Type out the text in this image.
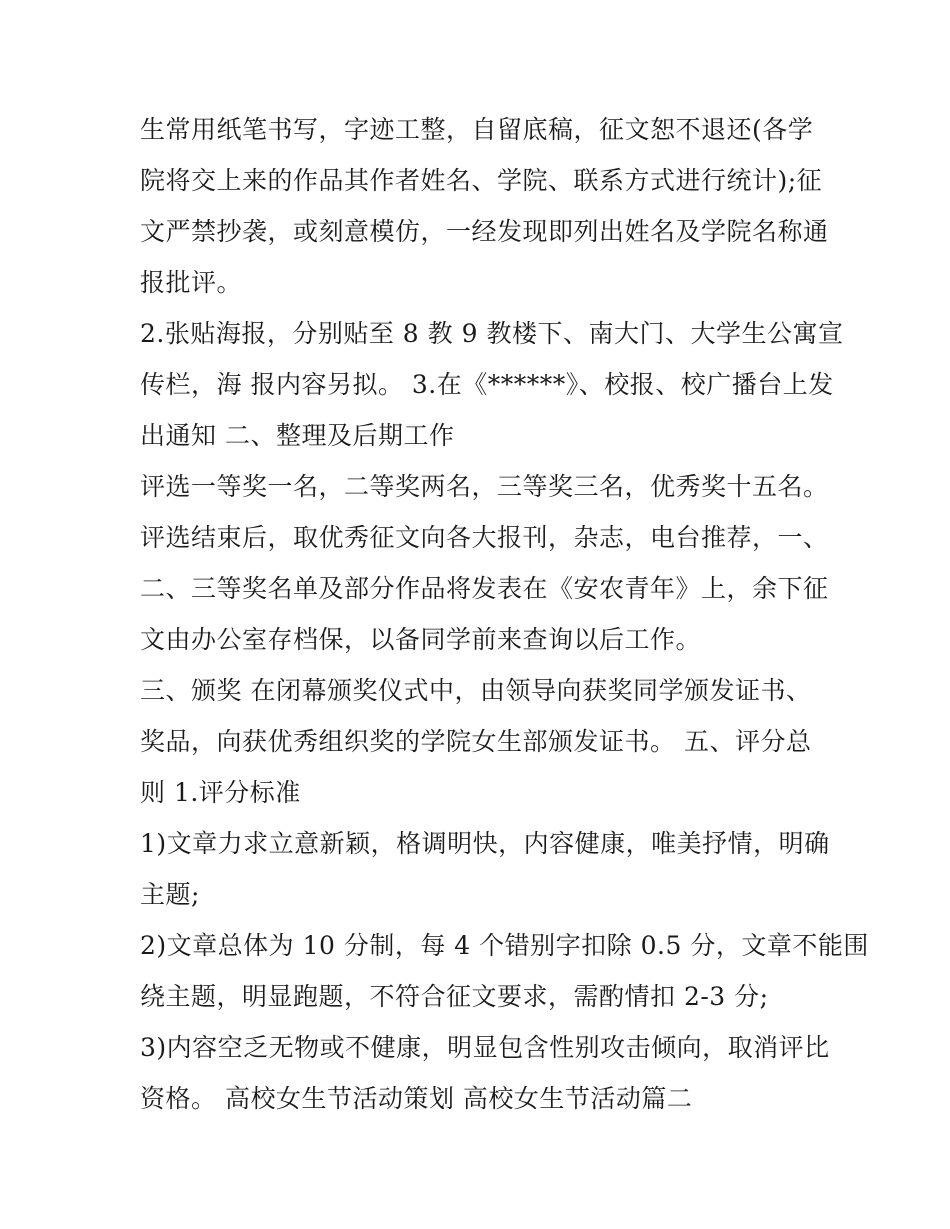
生常用纸笔书写，字迹工整，自留底稿，征文恕不退还(各学
院将交上来的作品其作者姓名、学院、联系方式进行统计);征
文严禁抄袭，或刻意模仿，一经发现即列出姓名及学院名称通
报批评。
2.张贴海报，分别贴至 8 教 9 教楼下、南大门、大学生公寓宣
传栏，海 报内容另拟。 3.在《******》、校报、校广播台上发
出通知 二、整理及后期工作
评选一等奖一名，二等奖两名，三等奖三名，优秀奖十五名。
评选结束后，取优秀征文向各大报刊，杂志，电台推荐，一、
二、三等奖名单及部分作品将发表在《安农青年》上，余下征
文由办公室存档保，以备同学前来查询以后工作。
三、颁奖 在闭幕颁奖仪式中，由领导向获奖同学颁发证书、
奖品，向获优秀组织奖的学院女生部颁发证书。 五、评分总
则 1.评分标准
1)文章力求立意新颖，格调明快，内容健康，唯美抒情，明确
主题;
2)文章总体为 10 分制，每 4 个错别字扣除 0.5 分，文章不能围
绕主题，明显跑题，不符合征文要求，需酌情扣 2-3 分;
3)内容空乏无物或不健康，明显包含性别攻击倾向，取消评比
资格。 高校女生节活动策划 高校女生节活动篇二
